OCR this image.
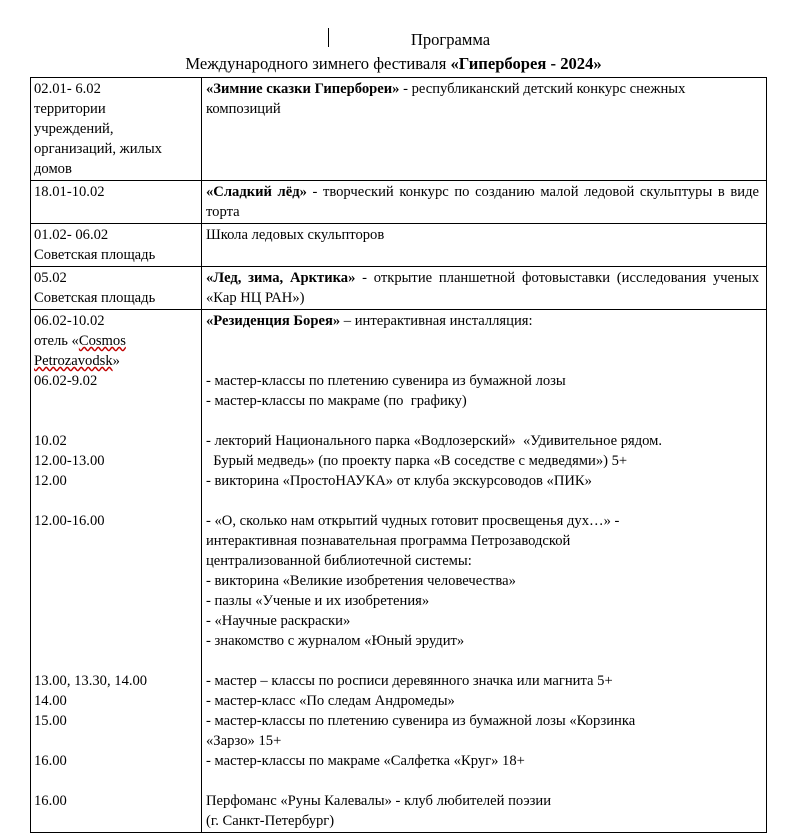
Программа
Международного зимнего фестиваля «Гиперборея - 2024»
02.01- 6.02
территории
учреждений,
организаций, жилых
домов
	«Зимние сказки Гипербореи» - республиканский детский конкурс снежных композиций

18.01-10.02	«Сладкий лёд» - творческий конкурс по созданию малой ледовой скульптуры в виде торта

01.02- 06.02
Советская площадь
	Школа ледовых скульпторов

05.02
Советская площадь
	«Лед, зима, Арктика» - открытие планшетной фотовыставки (исследования ученых «Кар НЦ РАН»)

06.02-10.02
отель «Cosmos
Petrozavodsk»
06.02-9.02
10.02
12.00-13.00
12.00
12.00-16.00
13.00, 13.30, 14.00
14.00
15.00
16.00
16.00

«Резиденция Борея» – интерактивная инсталляция:
- мастер-классы по плетению сувенира из бумажной лозы
- мастер-классы по макраме (по  графику)
- лекторий Национального парка «Водлозерский»  «Удивительное рядом.
Бурый медведь» (по проекту парка «В соседстве с медведями») 5+
- викторина «ПростоНАУКА» от клуба экскурсоводов «ПИК»
- «О, сколько нам открытий чудных готовит просвещенья дух…» -
интерактивная познавательная программа Петрозаводской
централизованной библиотечной системы:
- викторина «Великие изобретения человечества»
- пазлы «Ученые и их изобретения»
- «Научные раскраски»
- знакомство с журналом «Юный эрудит»
- мастер – классы по росписи деревянного значка или магнита 5+
- мастер-класс «По следам Андромеды»
- мастер-классы по плетению сувенира из бумажной лозы «Корзинка
«Зарзо» 15+
- мастер-классы по макраме «Салфетка «Круг» 18+
Перфоманс «Руны Калевалы» - клуб любителей поэзии
(г. Санкт-Петербург)
